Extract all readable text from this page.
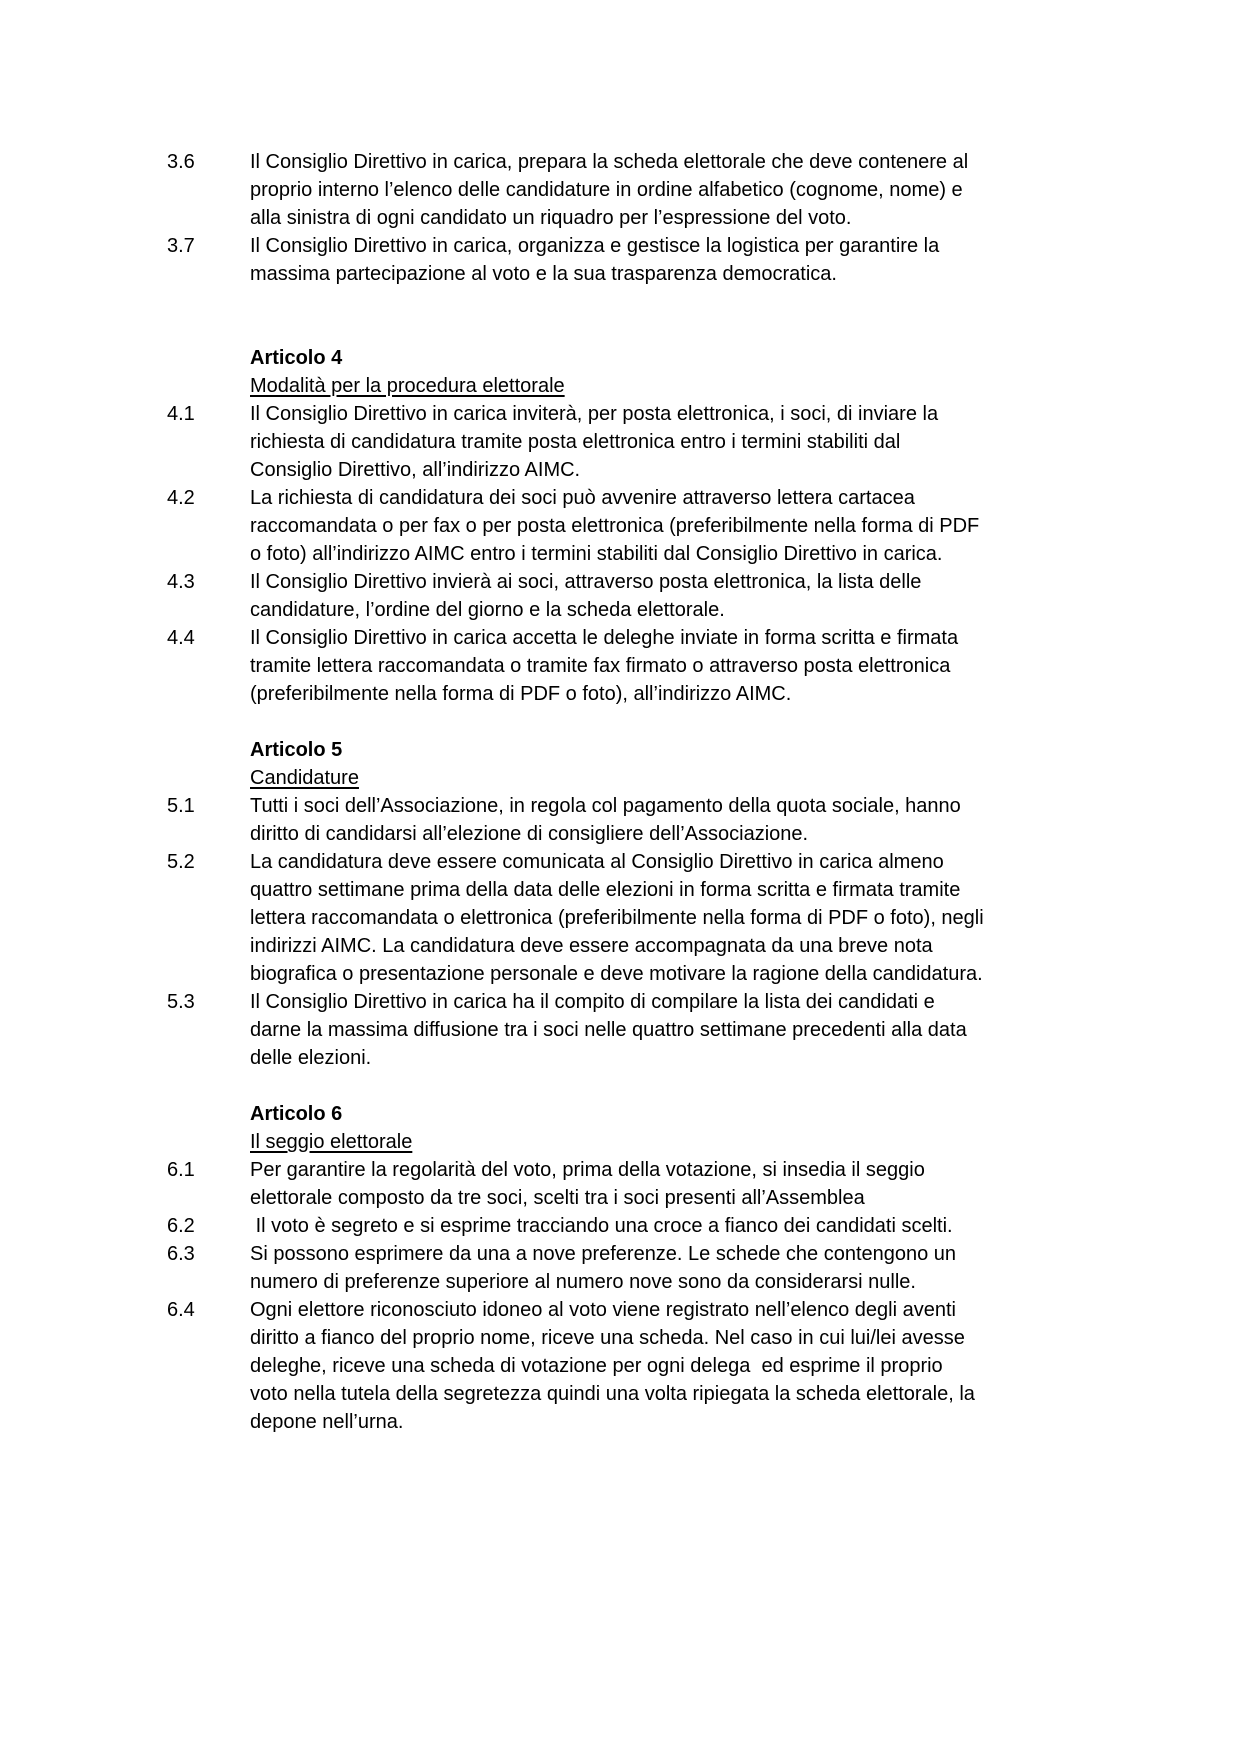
3.6	Il Consiglio Direttivo in carica, prepara la scheda elettorale che deve contenere al proprio interno l’elenco delle candidature in ordine alfabetico (cognome, nome) e alla sinistra di ogni candidato un riquadro per l’espressione del voto.
3.7	Il Consiglio Direttivo in carica, organizza e gestisce la logistica per garantire la massima partecipazione al voto e la sua trasparenza democratica.
Articolo 4
Modalità per la procedura elettorale
4.1	Il Consiglio Direttivo in carica inviterà, per posta elettronica, i soci, di inviare la richiesta di candidatura tramite posta elettronica entro i termini stabiliti dal Consiglio Direttivo, all’indirizzo AIMC.
4.2	La richiesta di candidatura dei soci può avvenire attraverso lettera cartacea raccomandata o per fax o per posta elettronica (preferibilmente nella forma di PDF o foto) all’indirizzo AIMC entro i termini stabiliti dal Consiglio Direttivo in carica.
4.3	Il Consiglio Direttivo invierà ai soci, attraverso posta elettronica, la lista delle candidature, l’ordine del giorno e la scheda elettorale.
4.4	Il Consiglio Direttivo in carica accetta le deleghe inviate in forma scritta e firmata tramite lettera raccomandata o tramite fax firmato o attraverso posta elettronica (preferibilmente nella forma di PDF o foto), all’indirizzo AIMC.
Articolo 5
Candidature
5.1	Tutti i soci dell’Associazione, in regola col pagamento della quota sociale, hanno diritto di candidarsi all’elezione di consigliere dell’Associazione.
5.2	La candidatura deve essere comunicata al Consiglio Direttivo in carica almeno quattro settimane prima della data delle elezioni in forma scritta e firmata tramite lettera raccomandata o elettronica (preferibilmente nella forma di PDF o foto), negli indirizzi AIMC. La candidatura deve essere accompagnata da una breve nota biografica o presentazione personale e deve motivare la ragione della candidatura.
5.3	Il Consiglio Direttivo in carica ha il compito di compilare la lista dei candidati e darne la massima diffusione tra i soci nelle quattro settimane precedenti alla data delle elezioni.
Articolo 6
Il seggio elettorale
6.1	Per garantire la regolarità del voto, prima della votazione, si insedia il seggio elettorale composto da tre soci, scelti tra i soci presenti all’Assemblea
6.2	Il voto è segreto e si esprime tracciando una croce a fianco dei candidati scelti.
6.3	Si possono esprimere da una a nove preferenze. Le schede che contengono un numero di preferenze superiore al numero nove sono da considerarsi nulle.
6.4	Ogni elettore riconosciuto idoneo al voto viene registrato nell’elenco degli aventi diritto a fianco del proprio nome, riceve una scheda. Nel caso in cui lui/lei avesse deleghe, riceve una scheda di votazione per ogni delega  ed esprime il proprio voto nella tutela della segretezza quindi una volta ripiegata la scheda elettorale, la depone nell’urna.
